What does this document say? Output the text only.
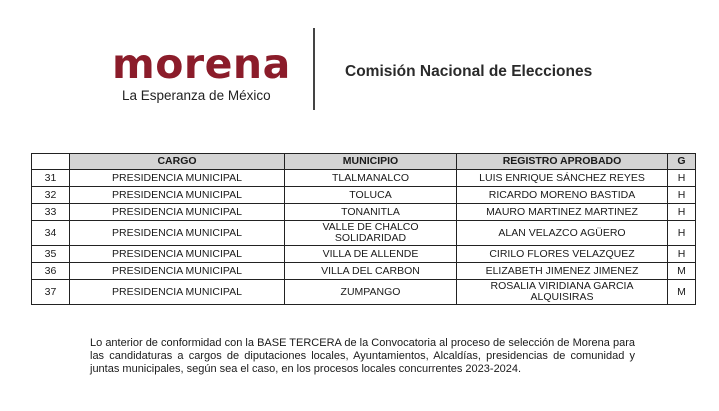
morena
La Esperanza de México
Comisión Nacional de Elecciones
	CARGO	MUNICIPIO	REGISTRO APROBADO	G
31	PRESIDENCIA MUNICIPAL	TLALMANALCO	LUIS ENRIQUE SÁNCHEZ REYES	H
32	PRESIDENCIA MUNICIPAL	TOLUCA	RICARDO MORENO BASTIDA	H
33	PRESIDENCIA MUNICIPAL	TONANITLA	MAURO MARTINEZ MARTINEZ	H
34	PRESIDENCIA MUNICIPAL	VALLE DE CHALCO SOLIDARIDAD	ALAN VELAZCO AGÜERO	H
35	PRESIDENCIA MUNICIPAL	VILLA DE ALLENDE	CIRILO FLORES VELAZQUEZ	H
36	PRESIDENCIA MUNICIPAL	VILLA DEL CARBON	ELIZABETH JIMENEZ JIMENEZ	M
37	PRESIDENCIA MUNICIPAL	ZUMPANGO	ROSALIA VIRIDIANA GARCIA ALQUISIRAS	M
Lo anterior de conformidad con la BASE TERCERA de la Convocatoria al proceso de selección de Morena para las candidaturas a cargos de diputaciones locales, Ayuntamientos, Alcaldías, presidencias de comunidad y juntas municipales, según sea el caso, en los procesos locales concurrentes 2023-2024.
